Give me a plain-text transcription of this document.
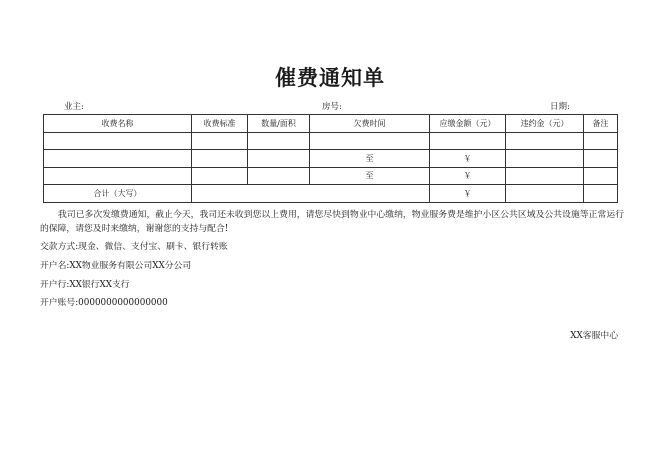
催费通知单
业主:	房号:	日期:
收费名称	收费标准	数量/面积	欠费时间	应缴金额（元）	违约金（元）	备注

			至	￥		
			至	￥		
合计（大写）				￥		
我司已多次发缴费通知，截止今天，我司还未收到您以上费用，请您尽快到物业中心缴纳，物业服务费是维护小区公共区域及公共设施等正常运行的保障，请您及时来缴纳，谢谢您的支持与配合!
交款方式:现金、微信、支付宝、刷卡、银行转账
开户名:XX物业服务有限公司XX分公司
开户行:XX银行XX支行
开户账号:0000000000000000
XX客服中心
